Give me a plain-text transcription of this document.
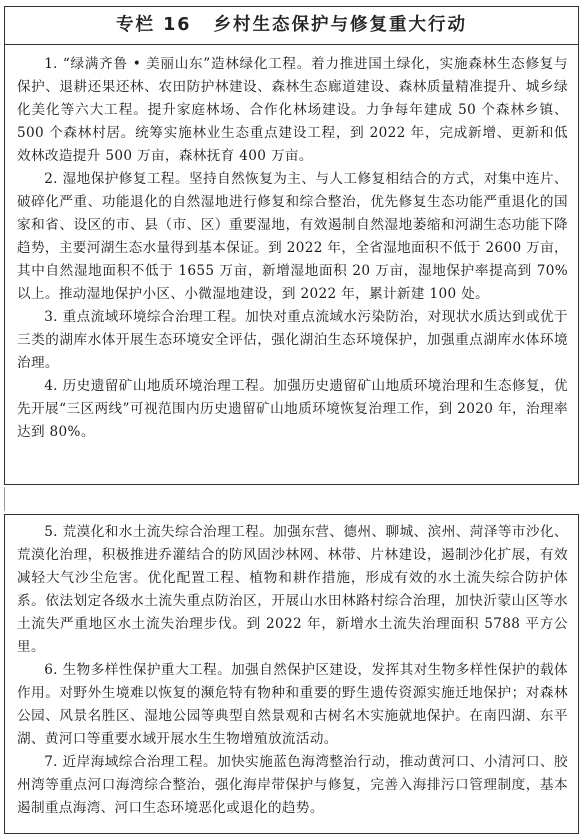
专栏 16 乡村生态保护与修复重大行动

1. “绿满齐鲁 • 美丽山东”造林绿化工程。着力推进国土绿化，实施森林生态修复与保护、退耕还果还林、农田防护林建设、森林生态廊道建设、森林质量精准提升、城乡绿化美化等六大工程。提升家庭林场、合作化林场建设。力争每年建成 50 个森林乡镇、500 个森林村居。统筹实施林业生态重点建设工程，到 2022 年，完成新增、更新和低效林改造提升 500 万亩，森林抚育 400 万亩。

2. 湿地保护修复工程。坚持自然恢复为主、与人工修复相结合的方式，对集中连片、破碎化严重、功能退化的自然湿地进行修复和综合整治，优先修复生态功能严重退化的国家和省、设区的市、县（市、区）重要湿地，有效遏制自然湿地萎缩和河湖生态功能下降趋势，主要河湖生态水量得到基本保证。到 2022 年，全省湿地面积不低于 2600 万亩，其中自然湿地面积不低于 1655 万亩，新增湿地面积 20 万亩，湿地保护率提高到 70%以上。推动湿地保护小区、小微湿地建设，到 2022 年，累计新建 100 处。

3. 重点流域环境综合治理工程。加快对重点流域水污染防治，对现状水质达到或优于三类的湖库水体开展生态环境安全评估，强化湖泊生态环境保护，加强重点湖库水体环境治理。

4. 历史遗留矿山地质环境治理工程。加强历史遗留矿山地质环境治理和生态修复，优先开展“三区两线”可视范围内历史遗留矿山地质环境恢复治理工作，到 2020 年，治理率达到 80%。

5. 荒漠化和水土流失综合治理工程。加强东营、德州、聊城、滨州、菏泽等市沙化、荒漠化治理，积极推进乔灌结合的防风固沙林网、林带、片林建设，遏制沙化扩展，有效减轻大气沙尘危害。优化配置工程、植物和耕作措施，形成有效的水土流失综合防护体系。依法划定各级水土流失重点防治区，开展山水田林路村综合治理，加快沂蒙山区等水土流失严重地区水土流失治理步伐。到 2022 年，新增水土流失治理面积 5788 平方公里。

6. 生物多样性保护重大工程。加强自然保护区建设，发挥其对生物多样性保护的载体作用。对野外生境难以恢复的濒危特有物种和重要的野生遗传资源实施迁地保护；对森林公园、风景名胜区、湿地公园等典型自然景观和古树名木实施就地保护。在南四湖、东平湖、黄河口等重要水域开展水生生物增殖放流活动。

7. 近岸海域综合治理工程。加快实施蓝色海湾整治行动，推动黄河口、小清河口、胶州湾等重点河口海湾综合整治，强化海岸带保护与修复，完善入海排污口管理制度，基本遏制重点海湾、河口生态环境恶化或退化的趋势。
